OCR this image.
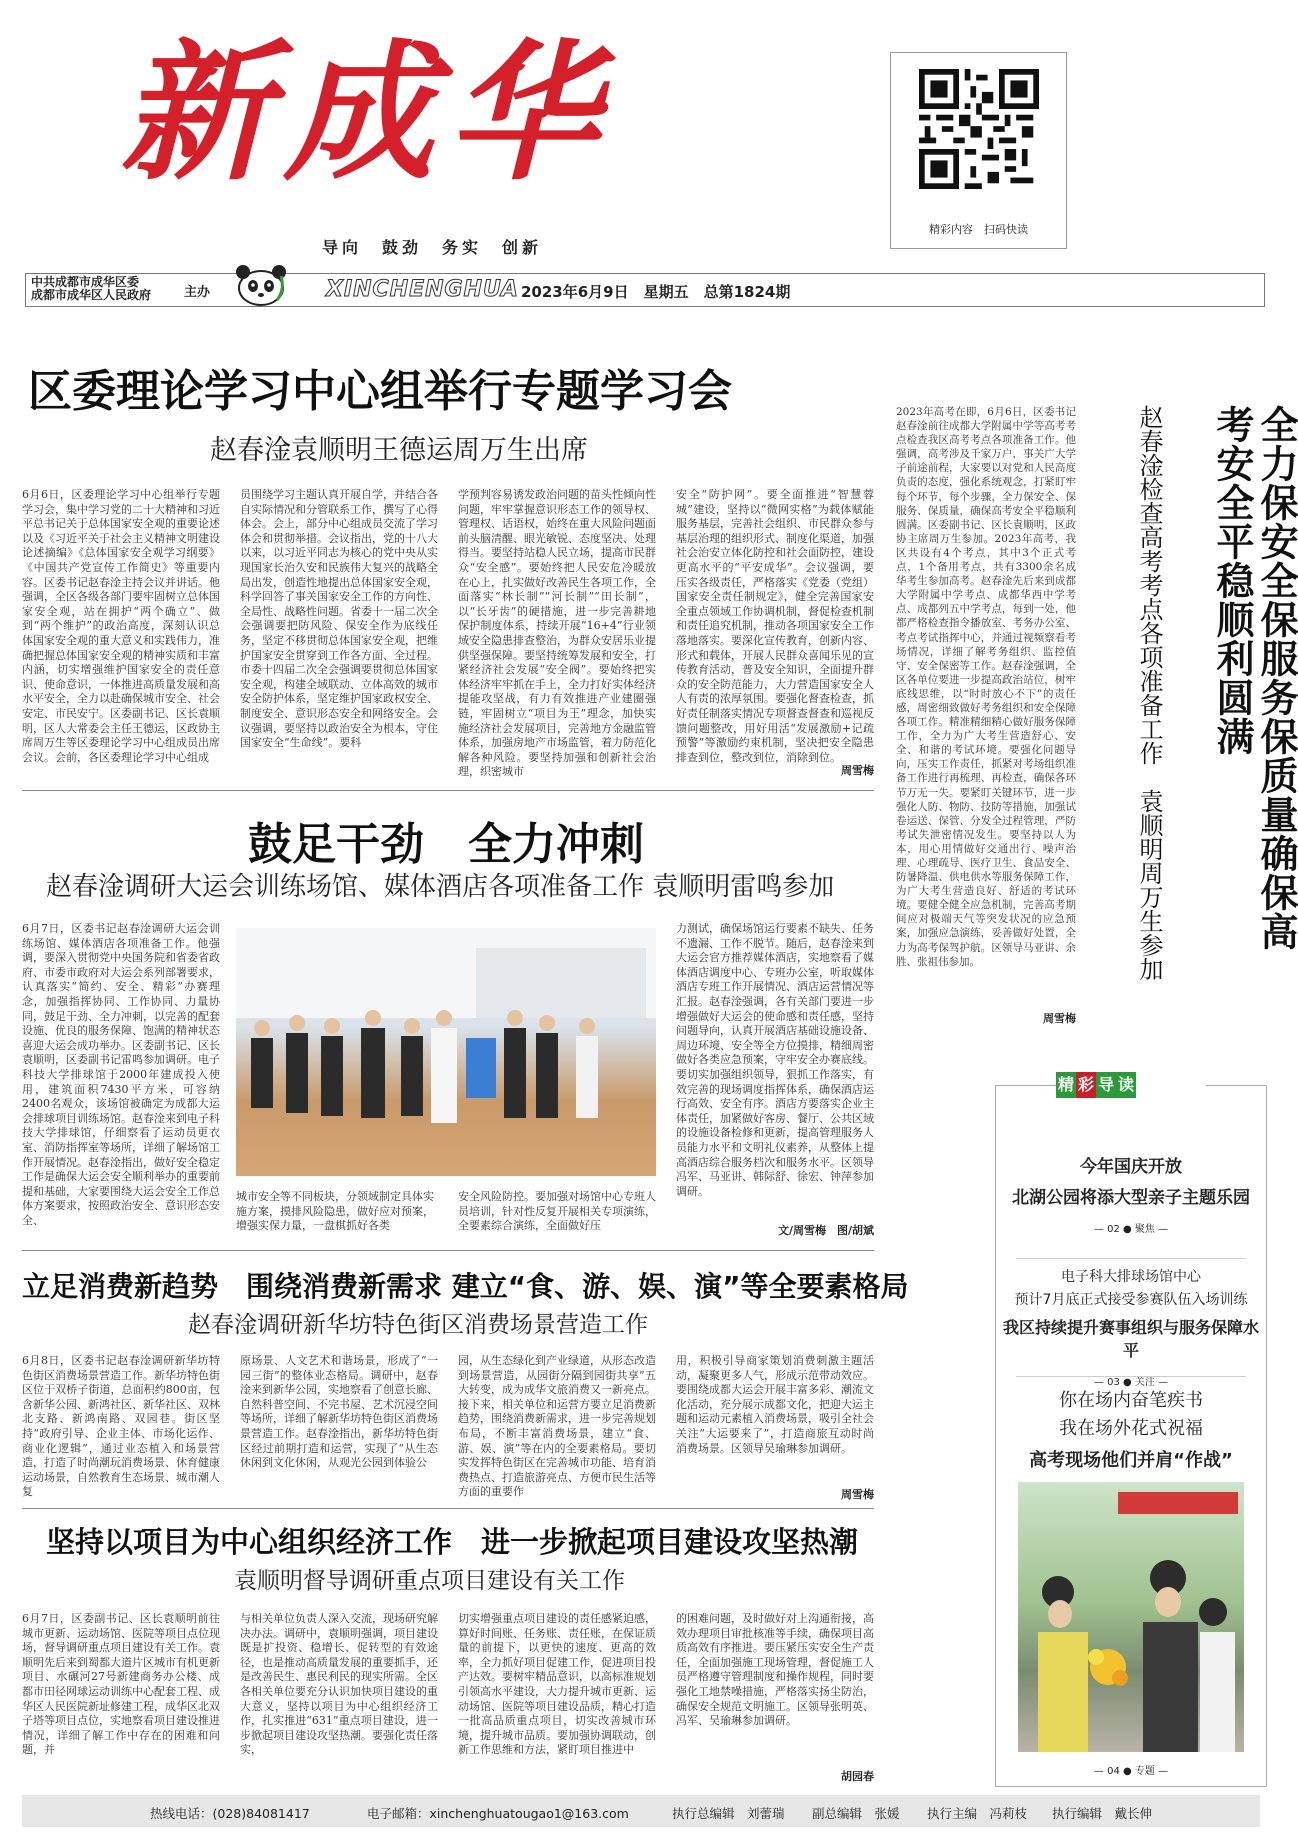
新成华
导向　鼓劲　务实　创新
精彩内容　扫码快读
中共成都市成华区委
成都市成华区人民政府	主办	XINCHENGHUA 2023年6月9日　星期五　总第1824期
区委理论学习中心组举行专题学习会
赵春淦袁顺明王德运周万生出席
6月6日，区委理论学习中心组举行专题学习会，集中学习党的二十大精神和习近平总书记关于总体国家安全观的重要论述以及《习近平关于社会主义精神文明建设论述摘编》《总体国家安全观学习纲要》《中国共产党宣传工作简史》等重要内容。区委书记赵春淦主持会议并讲话。他强调，全区各级各部门要牢固树立总体国家安全观，站在拥护“两个确立”、做到“两个维护”的政治高度，深刻认识总体国家安全观的重大意义和实践伟力，准确把握总体国家安全观的精神实质和丰富内涵，切实增强维护国家安全的责任意识、使命意识，一体推进高质量发展和高水平安全，全力以赴确保城市安全、社会安定、市民安宁。区委副书记、区长袁顺明，区人大常委会主任王德运，区政协主席周万生等区委理论学习中心组成员出席会议。会前，各区委理论学习中心组成
员围绕学习主题认真开展自学，并结合各自实际情况和分管联系工作，撰写了心得体会。会上，部分中心组成员交流了学习体会和贯彻举措。会议指出，党的十八大以来，以习近平同志为核心的党中央从实现国家长治久安和民族伟大复兴的战略全局出发，创造性地提出总体国家安全观，科学回答了事关国家安全工作的方向性、全局性、战略性问题。省委十一届二次全会强调要把防风险、保安全作为底线任务，坚定不移贯彻总体国家安全观，把维护国家安全贯穿到工作各方面、全过程。市委十四届二次全会强调要贯彻总体国家安全观，构建全域联动、立体高效的城市安全防护体系，坚定维护国家政权安全、制度安全、意识形态安全和网络安全。会议强调，要坚持以政治安全为根本，守住国家安全“生命线”。要科
学预判容易诱发政治问题的苗头性倾向性问题，牢牢掌握意识形态工作的领导权、管理权、话语权，始终在重大风险问题面前头脑清醒、眼光敏锐、态度坚决、处理得当。要坚持站稳人民立场，提高市民群众“安全感”。要始终把人民安危冷暖放在心上，扎实做好改善民生各项工作，全面落实“林长制”“河长制”“田长制”，以“长牙齿”的硬措施，进一步完善耕地保护制度体系，持续开展“16+4”行业领域安全隐患排查整治，为群众安居乐业提供坚强保障。要坚持统筹发展和安全，打紧经济社会发展“安全阀”。要始终把实体经济牢牢抓在手上，全力打好实体经济提能攻坚战，有力有效推进产业建圈强链，牢固树立“项目为王”理念，加快实施经济社会发展项目，完善地方金融监管体系，加强房地产市场监管，着力防范化解各种风险。要坚持加强和创新社会治理，织密城市
安全“防护网”。要全面推进“智慧蓉城”建设，坚持以“微网实格”为载体赋能服务基层，完善社会组织、市民群众参与基层治理的组织形式、制度化渠道，加强社会治安立体化防控和社会面防控，建设更高水平的“平安成华”。会议强调，要压实各级责任，严格落实《党委（党组）国家安全责任制规定》，健全完善国家安全重点领域工作协调机制，督促检查机制和责任追究机制，推动各项国家安全工作落地落实。要深化宣传教育，创新内容、形式和载体，开展人民群众喜闻乐见的宣传教育活动，普及安全知识，全面提升群众的安全防范能力，大力营造国家安全人人有责的浓厚氛围。要强化督查检查，抓好责任制落实情况专项督查督查和巡视反馈问题整改，用好用活“发展激励+记疏预警”等激励约束机制，坚决把安全隐患排查到位，整改到位，消除到位。
周雪梅
鼓足干劲　全力冲刺
赵春淦调研大运会训练场馆、媒体酒店各项准备工作 袁顺明雷鸣参加
6月7日，区委书记赵春淦调研大运会训练场馆、媒体酒店各项准备工作。他强调，要深入贯彻党中央国务院和省委省政府、市委市政府对大运会系列部署要求，认真落实“简约、安全、精彩”办赛理念，加强指挥协同、工作协同、力量协同，鼓足干劲、全力冲刺，以完善的配套设施、优良的服务保障、饱满的精神状态喜迎大运会成功举办。区委副书记、区长袁顺明，区委副书记雷鸣参加调研。电子科技大学排球馆于2000年建成投入使用，建筑面积7430平方米，可容纳2400名观众，该场馆被确定为成都大运会排球项目训练场馆。赵春淦来到电子科技大学排球馆，仔细察看了运动员更衣室、消防指挥室等场所，详细了解场馆工作开展情况。赵春淦指出，做好安全稳定工作是确保大运会安全顺利举办的重要前提和基础，大家要围绕大运会安全工作总体方案要求，按照政治安全、意识形态安全、
城市安全等不同板块，分领域制定具体实施方案，摸排风险隐患，做好应对预案，增强实保力量，一盘棋抓好各类
安全风险防控。要加强对场馆中心专班人员培训，针对性反复开展相关专项演练，全要素综合演练，全面做好压
力测试，确保场馆运行要素不缺失、任务不遗漏、工作不脱节。随后，赵春淦来到大运会官方推荐媒体酒店，实地察看了媒体酒店调度中心、专班办公室，听取媒体酒店专班工作开展情况、酒店运营情况等汇报。赵春淦强调，各有关部门要进一步增强做好大运会的使命感和责任感，坚持问题导向，认真开展酒店基础设施设备、周边环境、安全等全方位摸排，精细周密做好各类应急预案，守牢安全办赛底线。要切实加强组织领导，狠抓工作落实，有效完善的现场调度指挥体系，确保酒店运行高效、安全有序。酒店方要落实企业主体责任，加紧做好客房、餐厅、公共区域的设施设备检修和更新，提高管理服务人员能力水平和文明礼仪素养，从整体上提高酒店综合服务档次和服务水平。区领导冯军、马亚讲、韩际舒、徐宏、钟萍参加调研。
文/周雪梅　图/胡斌
立足消费新趋势　围绕消费新需求 建立“食、游、娱、演”等全要素格局
赵春淦调研新华坊特色街区消费场景营造工作
6月8日，区委书记赵春淦调研新华坊特色街区消费场景营造工作。新华坊特色街区位于双桥子街道，总面积约800亩，包含新华公园、新鸿社区、新华社区、双林北支路、新鸿南路、双园巷。街区坚持“政府引导、企业主体、市场化运作、商业化逻辑”，通过业态植入和场景营造，打造了时尚潮玩消费场景、休育健康运动场景，自然教育生态场景、城市潮人复
原场景、人文艺术和谐场景，形成了“一园三街”的整体业态格局。调研中，赵春淦来到新华公园，实地察看了创意长廊、自然科普空间、不完书屋、艺术沉浸空间等场所，详细了解新华坊特色街区消费场景营造工作。赵春淦指出，新华坊特色街区经过前期打造和运营，实现了“从生态休闲到文化休闲，从观光公园到体验公
园，从生态绿化到产业绿道，从形态改造到场景营造，从园街分隔到园街共享”五大转变，成为成华文旅消费又一新亮点。接下来，相关单位和运营方要立足消费新趋势，围绕消费新需求，进一步完善规划布局，不断丰富消费场景，建立“食、游、娱、演”等在内的全要素格局。要切实发挥特色街区在完善城市功能、培育消费热点、打造旅游亮点、方便市民生活等方面的重要作
用，积极引导商家策划消费刺激主题活动，凝聚更多人气，形成示范带动效应。要围绕成都大运会开展丰富多彩、潮流文化活动，充分展示成都文化，把迎大运主题和运动元素植入消费场景，吸引全社会关注“大运要来了”，打造商旅互动时尚消费场景。区领导吴瑜琳参加调研。
周雪梅
坚持以项目为中心组织经济工作　进一步掀起项目建设攻坚热潮
袁顺明督导调研重点项目建设有关工作
6月7日，区委副书记、区长袁顺明前往城市更新、运动场馆、医院等项目点位现场，督导调研重点项目建设有关工作。袁顺明先后来到蜀都大道片区城市有机更新项目、水碾河27号新建商务办公楼、成都市田径网球运动训练中心配套工程、成华区人民医院新址修建工程，成华区北双子塔等项目点位，实地察看项目建设推进情况，详细了解工作中存在的困难和问题，并
与相关单位负责人深入交流，现场研究解决办法。调研中，袁顺明强调，项目建设既是扩投资、稳增长、促转型的有效途径，也是推动高质量发展的重要抓手，还是改善民生、惠民利民的现实所需。全区各相关单位要充分认识加快项目建设的重大意义，坚持以项目为中心组织经济工作，扎实推进“631”重点项目建设，进一步掀起项目建设攻坚热潮。要强化责任落实，
切实增强重点项目建设的责任感紧迫感，算好时间账、任务账、责任账，在保证质量的前提下，以更快的速度、更高的效率，全力抓好项目促建工作，促进项目投产达效。要树牢精品意识，以高标准规划引领高水平建设，大力提升城市更新、运动场馆、医院等项目建设品质，精心打造一批高品质重点项目，切实改善城市环境，提升城市品质。要加强协调联动，创新工作思维和方法，紧盯项目推进中
的困难问题，及时做好对上沟通衔接，高效办理项目审批核准等手续，确保项目高质高效有序推进。要压紧压实安全生产责任，全面加强施工现场管理，督促施工人员严格遵守管理制度和操作规程，同时要强化工地禁噪措施，严格落实扬尘防治，确保安全规范文明施工。区领导张明英、冯军、吴瑜琳参加调研。
胡园春
2023年高考在即，6月6日，区委书记赵春淦前往成都大学附属中学等高考考点检查我区高考考点各项准备工作。他强调，高考涉及千家万户，事关广大学子前途前程，大家要以对党和人民高度负责的态度，强化系统观念，打紧盯牢每个环节，每个步骤，全力保安全、保服务、保质量，确保高考安全平稳顺利圆满。区委副书记、区长袁顺明，区政协主席周万生参加。2023年高考，我区共设有4个考点，其中3个正式考点，1个备用考点，共有3300余名成华考生参加高考。赵春淦先后来到成都大学附属中学考点、成都华西中学考点、成都列五中学考点，每到一处，他都严格检查指令播放室、考务办公室、考点考试指挥中心，并通过视频察看考场情况，详细了解考务组织、监控值守、安全保密等工作。赵春淦强调，全区各单位要进一步提高政治站位，树牢底线思维，以“时时放心不下”的责任感，周密细致做好考务组织和安全保障各项工作。精准精细精心做好服务保障工作，全力为广大考生营造舒心、安全、和谐的考试环境。要强化问题导向，压实工作责任，抓紧对考场组织准备工作进行再梳理、再检查，确保各环节万无一失。要紧盯关键环节，进一步强化人防、物防、技防等措施，加强试卷运送、保管、分发全过程管理，严防考试失泄密情况发生。要坚持以人为本，用心用情做好交通出行、噪声治理、心理疏导、医疗卫生、食品安全、防暑降温、供电供水等服务保障工作，为广大考生营造良好、舒适的考试环境。要健全健全应急机制，完善高考期间应对极端天气等突发状况的应急预案，加强应急演练，妥善做好处置，全力为高考保驾护航。区领导马亚讲、余胜、张祖伟参加。
周雪梅
全力保安全保服务保质量确保高考安全平稳顺利圆满
赵春淦检查高考考点各项准备工作　袁顺明周万生参加
精 彩 导 读
今年国庆开放
北湖公园将添大型亲子主题乐园
— 02 ● 聚焦 —
电子科大排球场馆中心
预计7月底正式接受参赛队伍入场训练
我区持续提升赛事组织与服务保障水平
— 03 ● 关注 —
你在场内奋笔疾书
我在场外花式祝福
高考现场他们并肩“作战”
— 04 ● 专题 —
热线电话：(028)84081417	电子邮箱：xinchenghuatougao1@163.com	执行总编辑　刘蕾瑞 副总编辑　张媛 执行主编　冯莉枝 执行编辑　戴长伸
